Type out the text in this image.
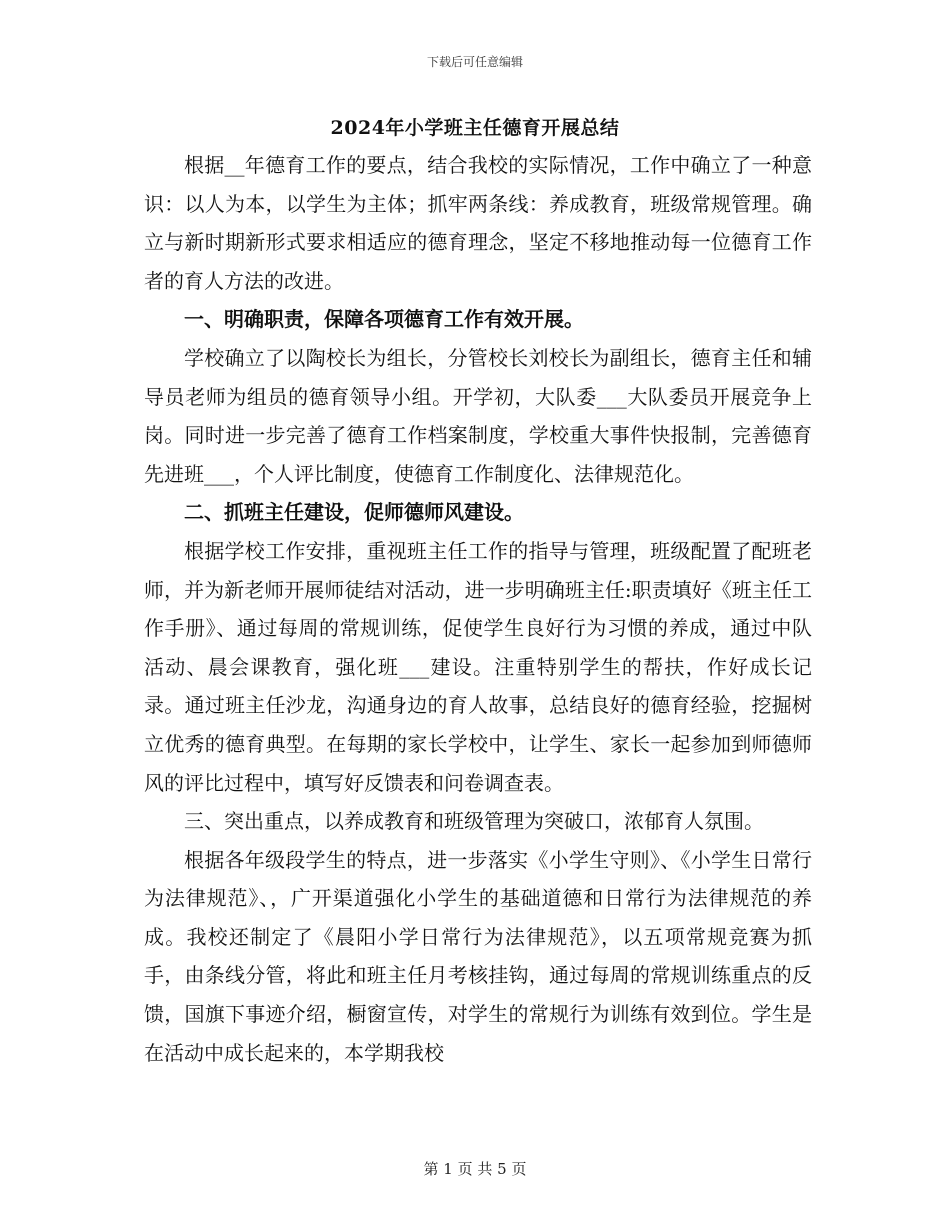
下载后可任意编辑
2024年小学班主任德育开展总结

根据__年德育工作的要点，结合我校的实际情况，工作中确立了一种意识：以人为本，以学生为主体；抓牢两条线：养成教育，班级常规管理。确立与新时期新形式要求相适应的德育理念，坚定不移地推动每一位德育工作者的育人方法的改进。

一、明确职责，保障各项德育工作有效开展。

学校确立了以陶校长为组长，分管校长刘校长为副组长，德育主任和辅导员老师为组员的德育领导小组。开学初，大队委___大队委员开展竞争上岗。同时进一步完善了德育工作档案制度，学校重大事件快报制，完善德育先进班___，个人评比制度，使德育工作制度化、法律规范化。

二、抓班主任建设，促师德师风建设。

根据学校工作安排，重视班主任工作的指导与管理，班级配置了配班老师，并为新老师开展师徒结对活动，进一步明确班主任:职责填好《班主任工作手册》、通过每周的常规训练，促使学生良好行为习惯的养成，通过中队活动、晨会课教育，强化班___建设。注重特别学生的帮扶，作好成长记录。通过班主任沙龙，沟通身边的育人故事，总结良好的德育经验，挖掘树立优秀的德育典型。在每期的家长学校中，让学生、家长一起参加到师德师风的评比过程中，填写好反馈表和问卷调查表。

三、突出重点，以养成教育和班级管理为突破口，浓郁育人氛围。

根据各年级段学生的特点，进一步落实《小学生守则》、《小学生日常行为法律规范》、，广开渠道强化小学生的基础道德和日常行为法律规范的养成。我校还制定了《晨阳小学日常行为法律规范》，以五项常规竞赛为抓手，由条线分管，将此和班主任月考核挂钩，通过每周的常规训练重点的反馈，国旗下事迹介绍，橱窗宣传，对学生的常规行为训练有效到位。学生是在活动中成长起来的，本学期我校

第 1 页 共 5 页
